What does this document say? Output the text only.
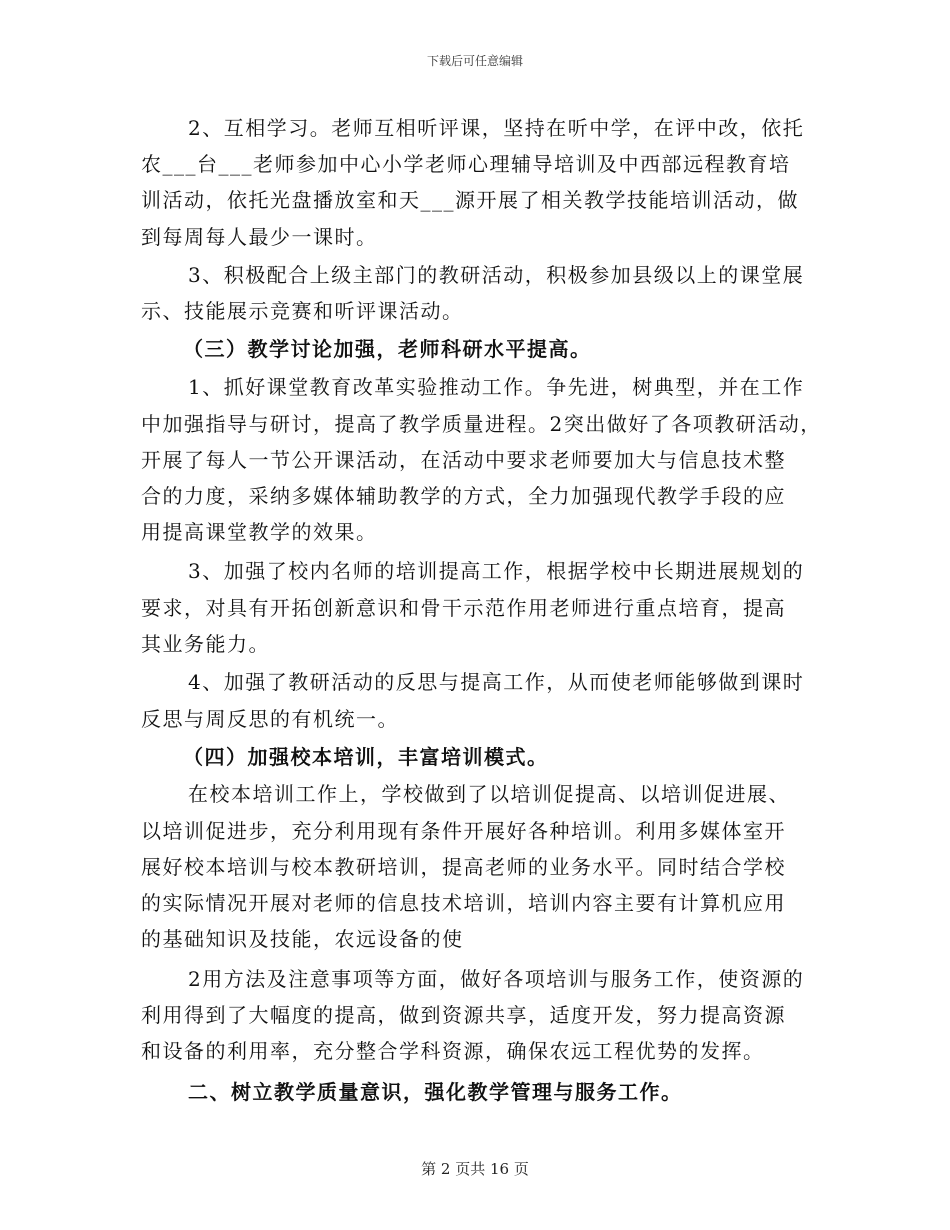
下载后可任意编辑
2、互相学习。老师互相听评课，坚持在听中学，在评中改，依托
农___台___老师参加中心小学老师心理辅导培训及中西部远程教育培
训活动，依托光盘播放室和天___源开展了相关教学技能培训活动，做
到每周每人最少一课时。
3、积极配合上级主部门的教研活动，积极参加县级以上的课堂展
示、技能展示竞赛和听评课活动。
（三）教学讨论加强，老师科研水平提高。
1、抓好课堂教育改革实验推动工作。争先进，树典型，并在工作
中加强指导与研讨，提高了教学质量进程。2突出做好了各项教研活动，
开展了每人一节公开课活动，在活动中要求老师要加大与信息技术整
合的力度，采纳多媒体辅助教学的方式，全力加强现代教学手段的应
用提高课堂教学的效果。
3、加强了校内名师的培训提高工作，根据学校中长期进展规划的
要求，对具有开拓创新意识和骨干示范作用老师进行重点培育，提高
其业务能力。
4、加强了教研活动的反思与提高工作，从而使老师能够做到课时
反思与周反思的有机统一。
（四）加强校本培训，丰富培训模式。
在校本培训工作上，学校做到了以培训促提高、以培训促进展、
以培训促进步，充分利用现有条件开展好各种培训。利用多媒体室开
展好校本培训与校本教研培训，提高老师的业务水平。同时结合学校
的实际情况开展对老师的信息技术培训，培训内容主要有计算机应用
的基础知识及技能，农远设备的使
2用方法及注意事项等方面，做好各项培训与服务工作，使资源的
利用得到了大幅度的提高，做到资源共享，适度开发，努力提高资源
和设备的利用率，充分整合学科资源，确保农远工程优势的发挥。
二、树立教学质量意识，强化教学管理与服务工作。
第 2 页共 16 页
